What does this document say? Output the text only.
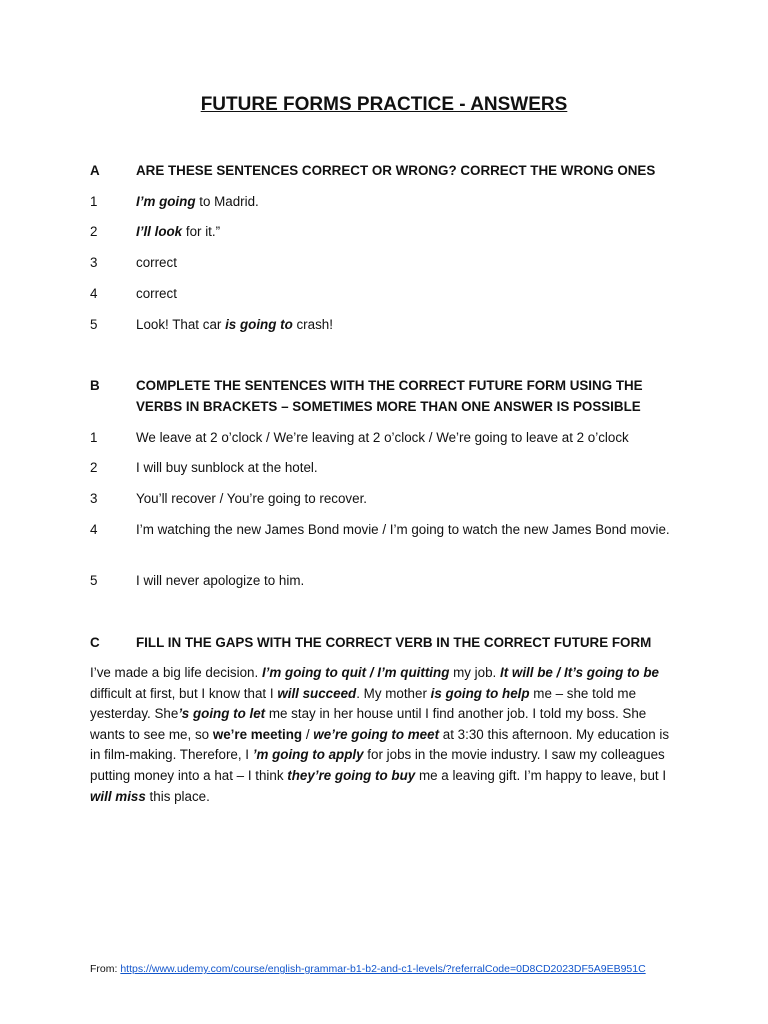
FUTURE FORMS PRACTICE - ANSWERS
A	ARE THESE SENTENCES CORRECT OR WRONG? CORRECT THE WRONG ONES
1	I’m going to Madrid.
2	I’ll look for it.”
3	correct
4	correct
5	Look! That car is going to crash!
B	COMPLETE THE SENTENCES WITH THE CORRECT FUTURE FORM USING THE VERBS IN BRACKETS – SOMETIMES MORE THAN ONE ANSWER IS POSSIBLE
1	We leave at 2 o’clock / We’re leaving at 2 o’clock / We’re going to leave at 2 o’clock
2	I will buy sunblock at the hotel.
3	You’ll recover / You’re going to recover.
4	I’m watching the new James Bond movie / I’m going to watch the new James Bond movie.
5	I will never apologize to him.
C	FILL IN THE GAPS WITH THE CORRECT VERB IN THE CORRECT FUTURE FORM
I’ve made a big life decision. I’m going to quit / I’m quitting my job. It will be / It’s going to be difficult at first, but I know that I will succeed. My mother is going to help me – she told me yesterday. She’s going to let me stay in her house until I find another job. I told my boss. She wants to see me, so we’re meeting / we’re going to meet at 3:30 this afternoon. My education is in film-making. Therefore, I ’m going to apply for jobs in the movie industry. I saw my colleagues putting money into a hat – I think they’re going to buy me a leaving gift. I’m happy to leave, but I will miss this place.
From: https://www.udemy.com/course/english-grammar-b1-b2-and-c1-levels/?referralCode=0D8CD2023DF5A9EB951C
